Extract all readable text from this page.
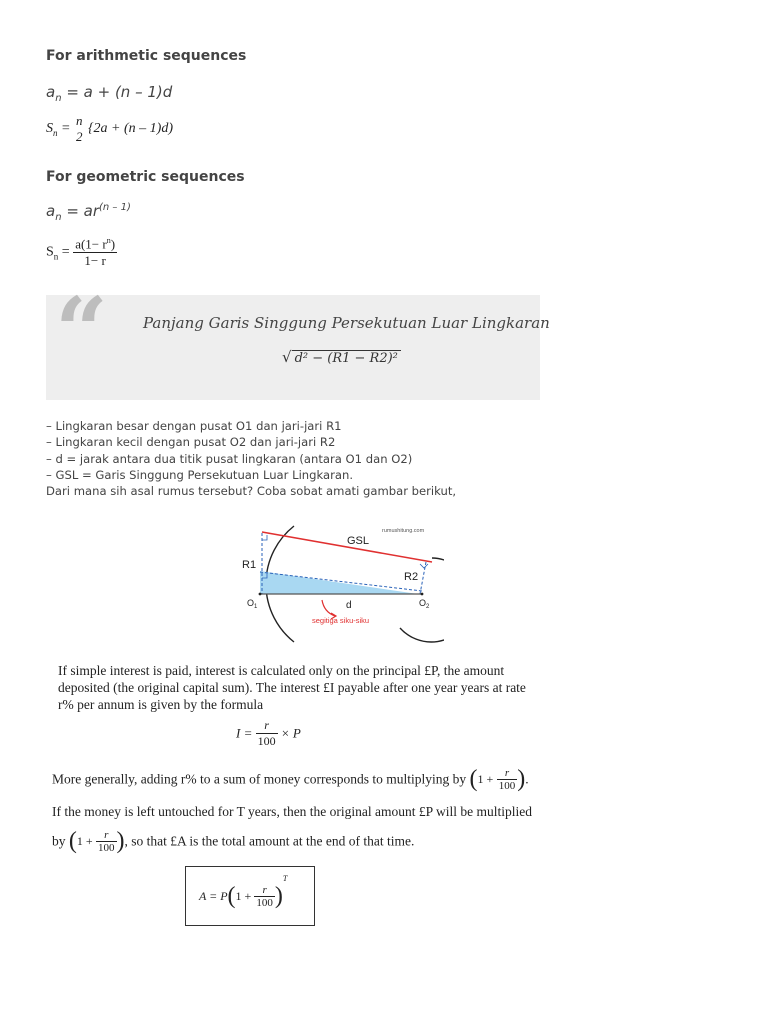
For arithmetic sequences
$a_n = a + (n - 1)d$
$S_n$ =
n
2
{2a + (n – 1)d)
For geometric sequences
$a_n = ar^{(n - 1)}$
$S_n = \frac{a(1- r^n)}{1- r}$
“ Panjang Garis Singgung Persekutuan Luar Lingkaran
√ d² − (R1 − R2)²
– Lingkaran besar dengan pusat O1 dan jari-jari R1
– Lingkaran kecil dengan pusat O2 dan jari-jari R2
– d = jarak antara dua titik pusat lingkaran (antara O1 dan O2)
– GSL = Garis Singgung Persekutuan Luar Lingkaran.
Dari mana sih asal rumus tersebut? Coba sobat amati gambar berikut,
rumushitung.com
GSL
R1
R2
$O_1$	$O_2$
d
segitiga siku-siku
If simple interest is paid, interest is calculated only on the principal £P, the amount
deposited (the original capital sum). The interest £I payable after one year years at rate
r% per annum is given by the formula
$I = \frac{r}{100} \times P$
More generally, adding r% to a sum of money corresponds to multiplying by ($1 + \frac{r}{100}$ ).
If the money is left untouched for T years, then the original amount £P will be multiplied
by ($1 + \frac{r}{100}$ ), so that £A is the total amount at the end of that time.
$A = P(1 + \frac{r}{100} )^T$
